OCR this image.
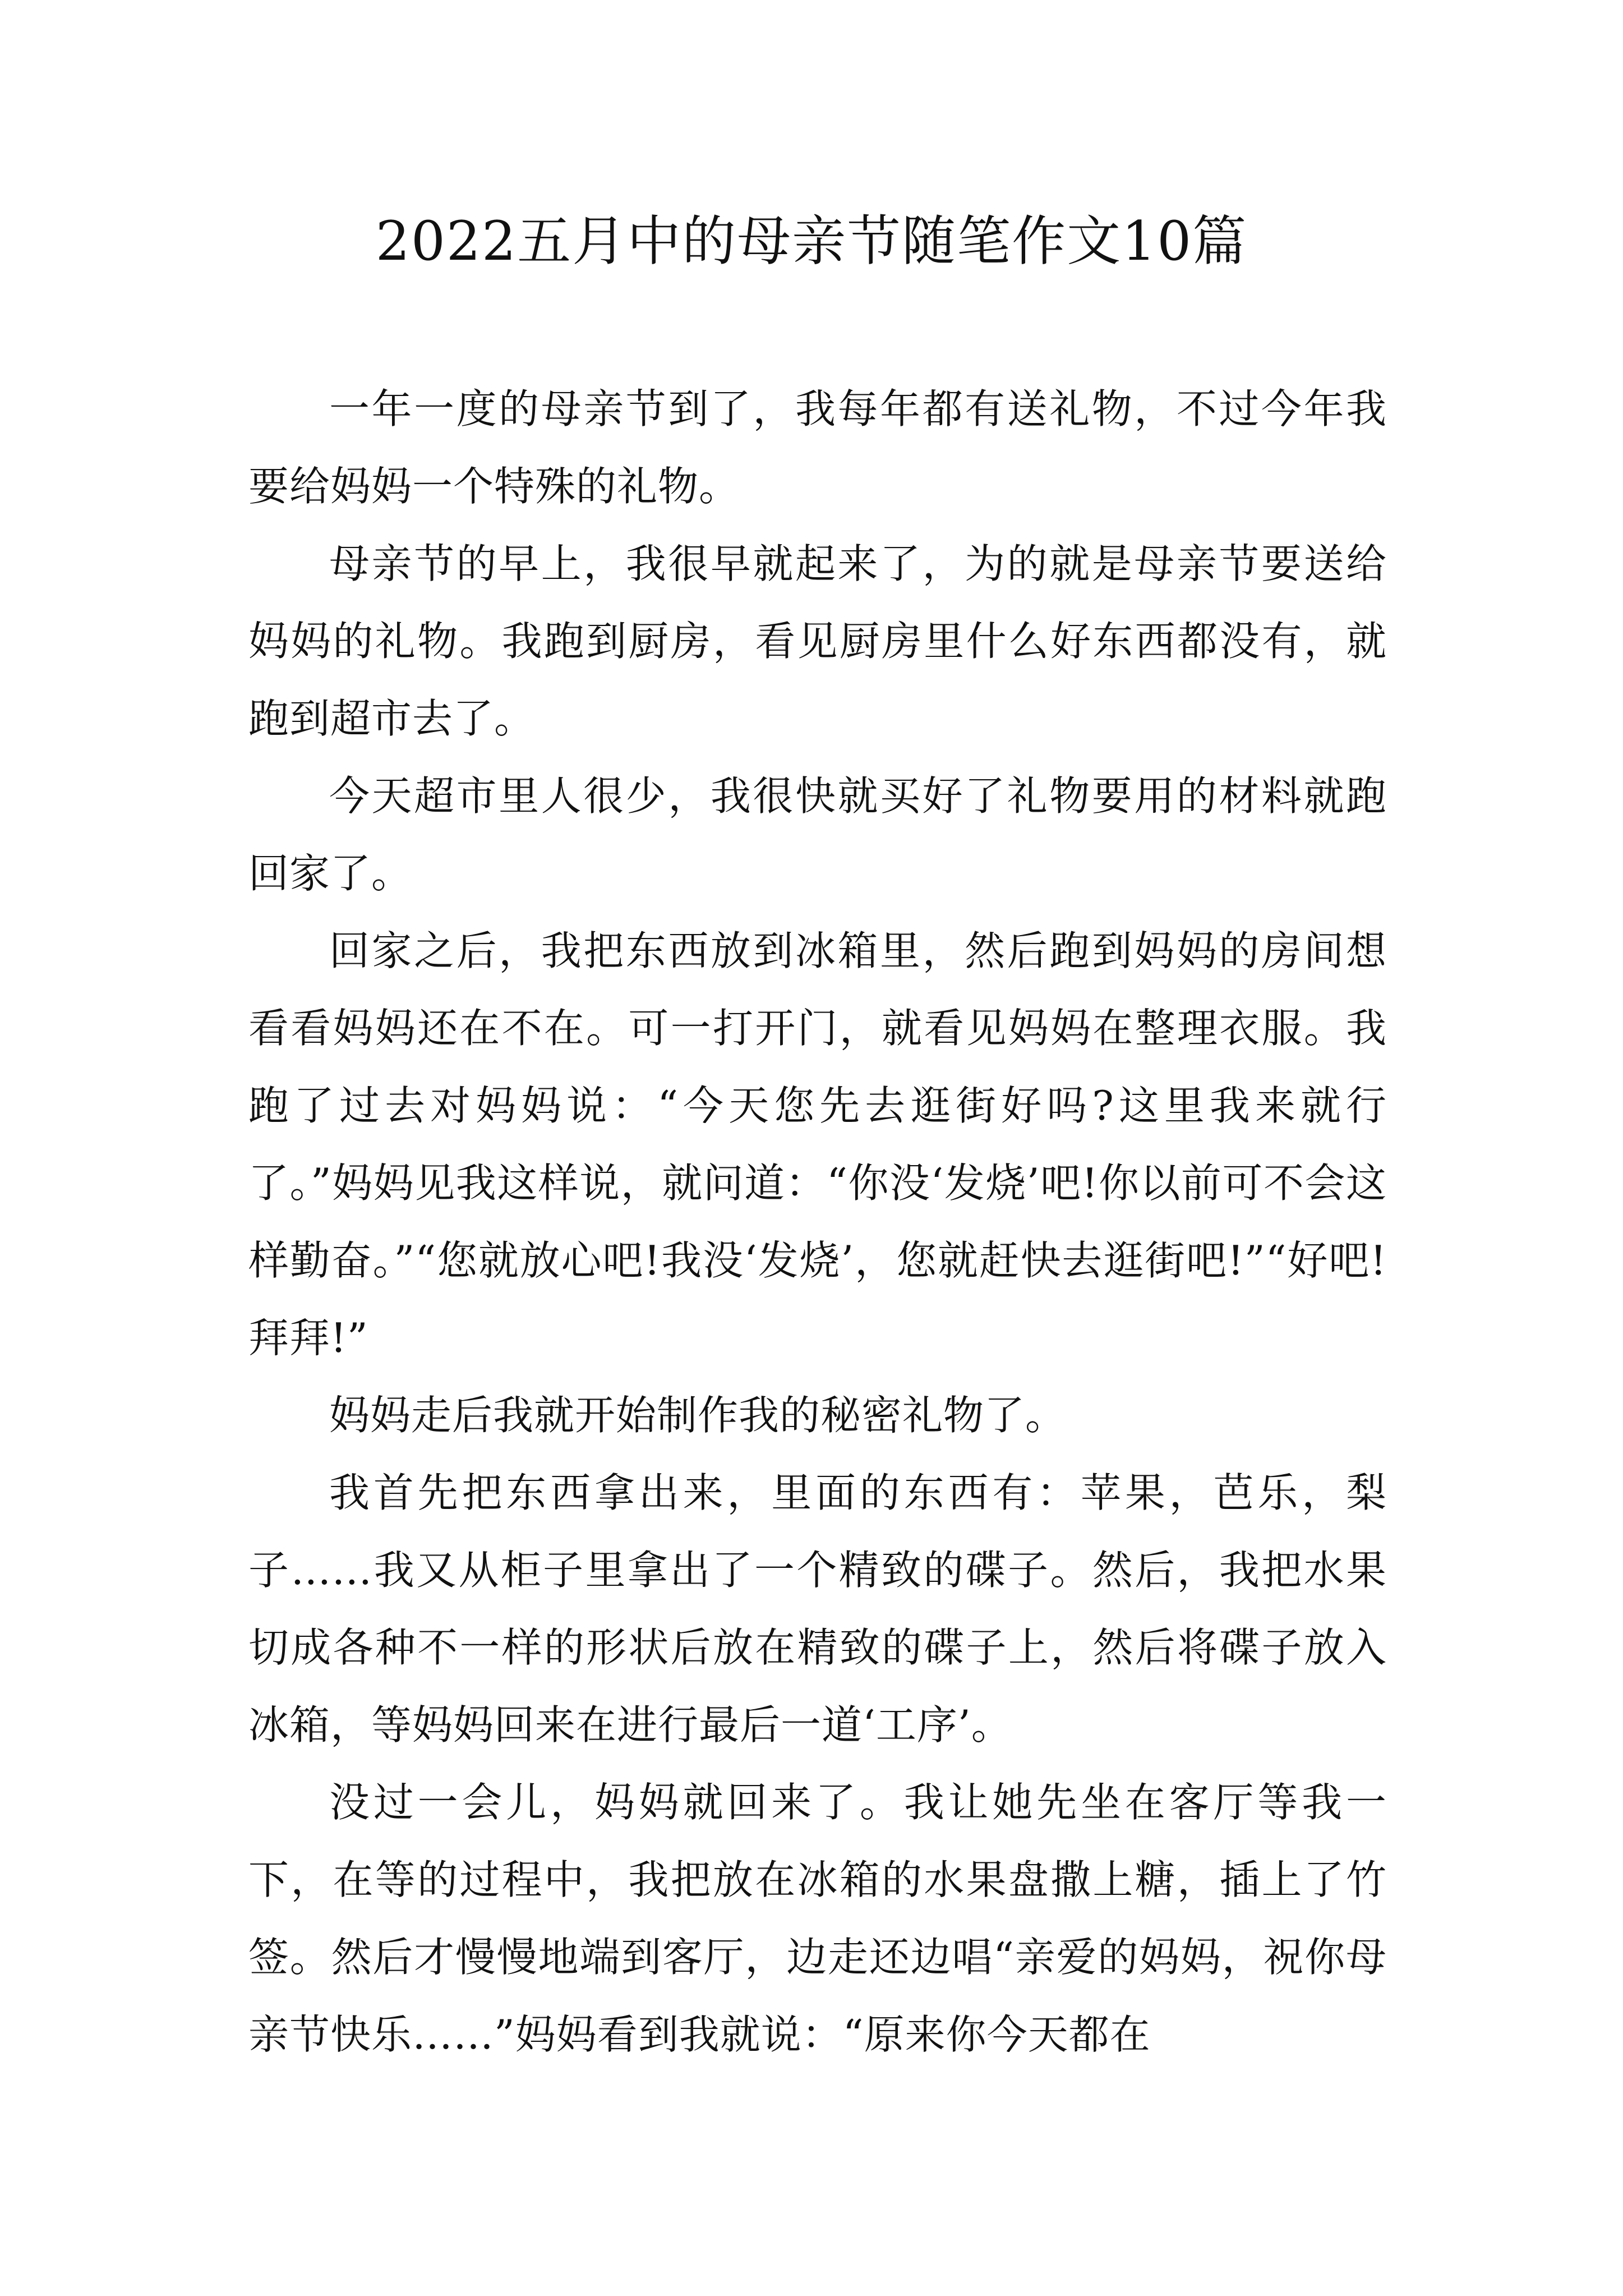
2022五月中的母亲节随笔作文10篇

一年一度的母亲节到了，我每年都有送礼物，不过今年我要给妈妈一个特殊的礼物。

母亲节的早上，我很早就起来了，为的就是母亲节要送给妈妈的礼物。我跑到厨房，看见厨房里什么好东西都没有，就跑到超市去了。

今天超市里人很少，我很快就买好了礼物要用的材料就跑回家了。

回家之后，我把东西放到冰箱里，然后跑到妈妈的房间想看看妈妈还在不在。可一打开门，就看见妈妈在整理衣服。我跑了过去对妈妈说：“今天您先去逛街好吗?这里我来就行了。”妈妈见我这样说，就问道：“你没‘发烧’吧!你以前可不会这样勤奋。”“您就放心吧!我没‘发烧’，您就赶快去逛街吧!”“好吧!拜拜!”

妈妈走后我就开始制作我的秘密礼物了。

我首先把东西拿出来，里面的东西有：苹果，芭乐，梨子……我又从柜子里拿出了一个精致的碟子。然后，我把水果切成各种不一样的形状后放在精致的碟子上，然后将碟子放入冰箱，等妈妈回来在进行最后一道‘工序’。

没过一会儿，妈妈就回来了。我让她先坐在客厅等我一下，在等的过程中，我把放在冰箱的水果盘撒上糖，插上了竹签。然后才慢慢地端到客厅，边走还边唱“亲爱的妈妈，祝你母亲节快乐……”妈妈看到我就说：“原来你今天都在
